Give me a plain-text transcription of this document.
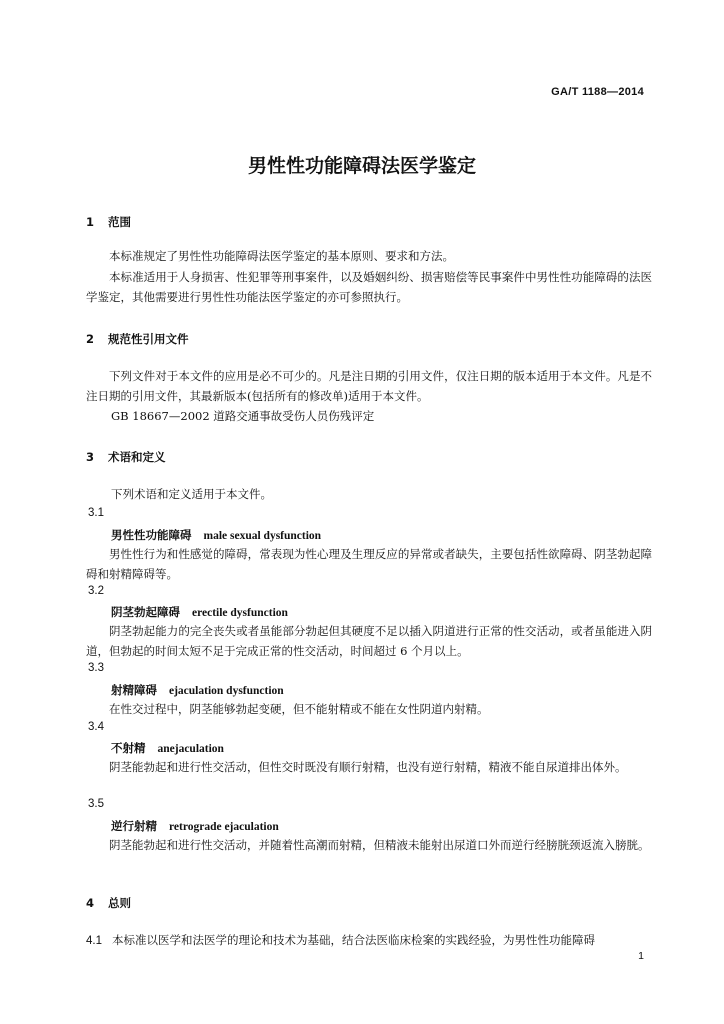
GA/T 1188—2014
男性性功能障碍法医学鉴定
1 范围

本标准规定了男性性功能障碍法医学鉴定的基本原则、要求和方法。

本标准适用于人身损害、性犯罪等刑事案件，以及婚姻纠纷、损害赔偿等民事案件中男性性功能障碍的法医学鉴定，其他需要进行男性性功能法医学鉴定的亦可参照执行。

2 规范性引用文件

下列文件对于本文件的应用是必不可少的。凡是注日期的引用文件，仅注日期的版本适用于本文件。凡是不注日期的引用文件，其最新版本(包括所有的修改单)适用于本文件。

GB 18667—2002 道路交通事故受伤人员伤残评定
3 术语和定义
下列术语和定义适用于本文件。
3.1
男性性功能障碍 male sexual dysfunction

男性性行为和性感觉的障碍，常表现为性心理及生理反应的异常或者缺失，主要包括性欲障碍、阴茎勃起障碍和射精障碍等。

3.2
阴茎勃起障碍 erectile dysfunction

阴茎勃起能力的完全丧失或者虽能部分勃起但其硬度不足以插入阴道进行正常的性交活动，或者虽能进入阴道，但勃起的时间太短不足于完成正常的性交活动，时间超过 6 个月以上。

3.3
射精障碍 ejaculation dysfunction

在性交过程中，阴茎能够勃起变硬，但不能射精或不能在女性阴道内射精。

3.4
不射精 anejaculation

阴茎能勃起和进行性交活动，但性交时既没有顺行射精，也没有逆行射精，精液不能自尿道排出体外。

3.5
逆行射精 retrograde ejaculation

阴茎能勃起和进行性交活动，并随着性高潮而射精，但精液未能射出尿道口外而逆行经膀胱颈返流入膀胱。

4 总则

4.1 本标准以医学和法医学的理论和技术为基础，结合法医临床检案的实践经验，为男性性功能障碍

1
